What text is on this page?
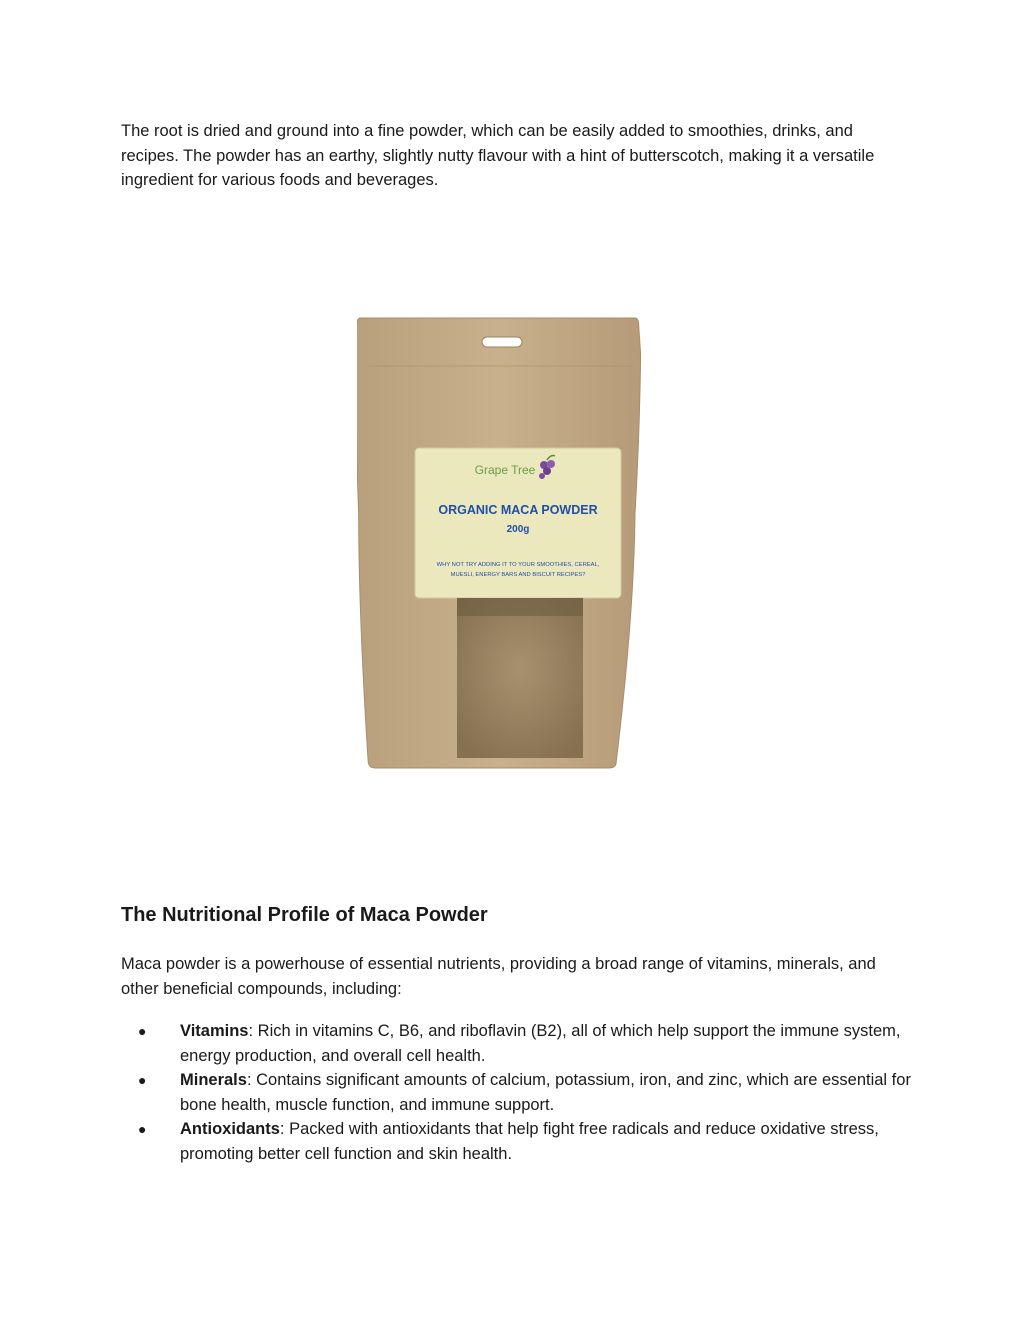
The root is dried and ground into a fine powder, which can be easily added to smoothies, drinks, and recipes. The powder has an earthy, slightly nutty flavour with a hint of butterscotch, making it a versatile ingredient for various foods and beverages.

Grape Tree
ORGANIC MACA POWDER
200g
WHY NOT TRY ADDING IT TO YOUR SMOOTHIES, CEREAL,
MUESLI, ENERGY BARS AND BISCUIT RECIPES?
The Nutritional Profile of Maca Powder

Maca powder is a powerhouse of essential nutrients, providing a broad range of vitamins, minerals, and other beneficial compounds, including:

● Vitamins: Rich in vitamins C, B6, and riboflavin (B2), all of which help support the immune system, energy production, and overall cell health.
● Minerals: Contains significant amounts of calcium, potassium, iron, and zinc, which are essential for bone health, muscle function, and immune support.
● Antioxidants: Packed with antioxidants that help fight free radicals and reduce oxidative stress, promoting better cell function and skin health.
